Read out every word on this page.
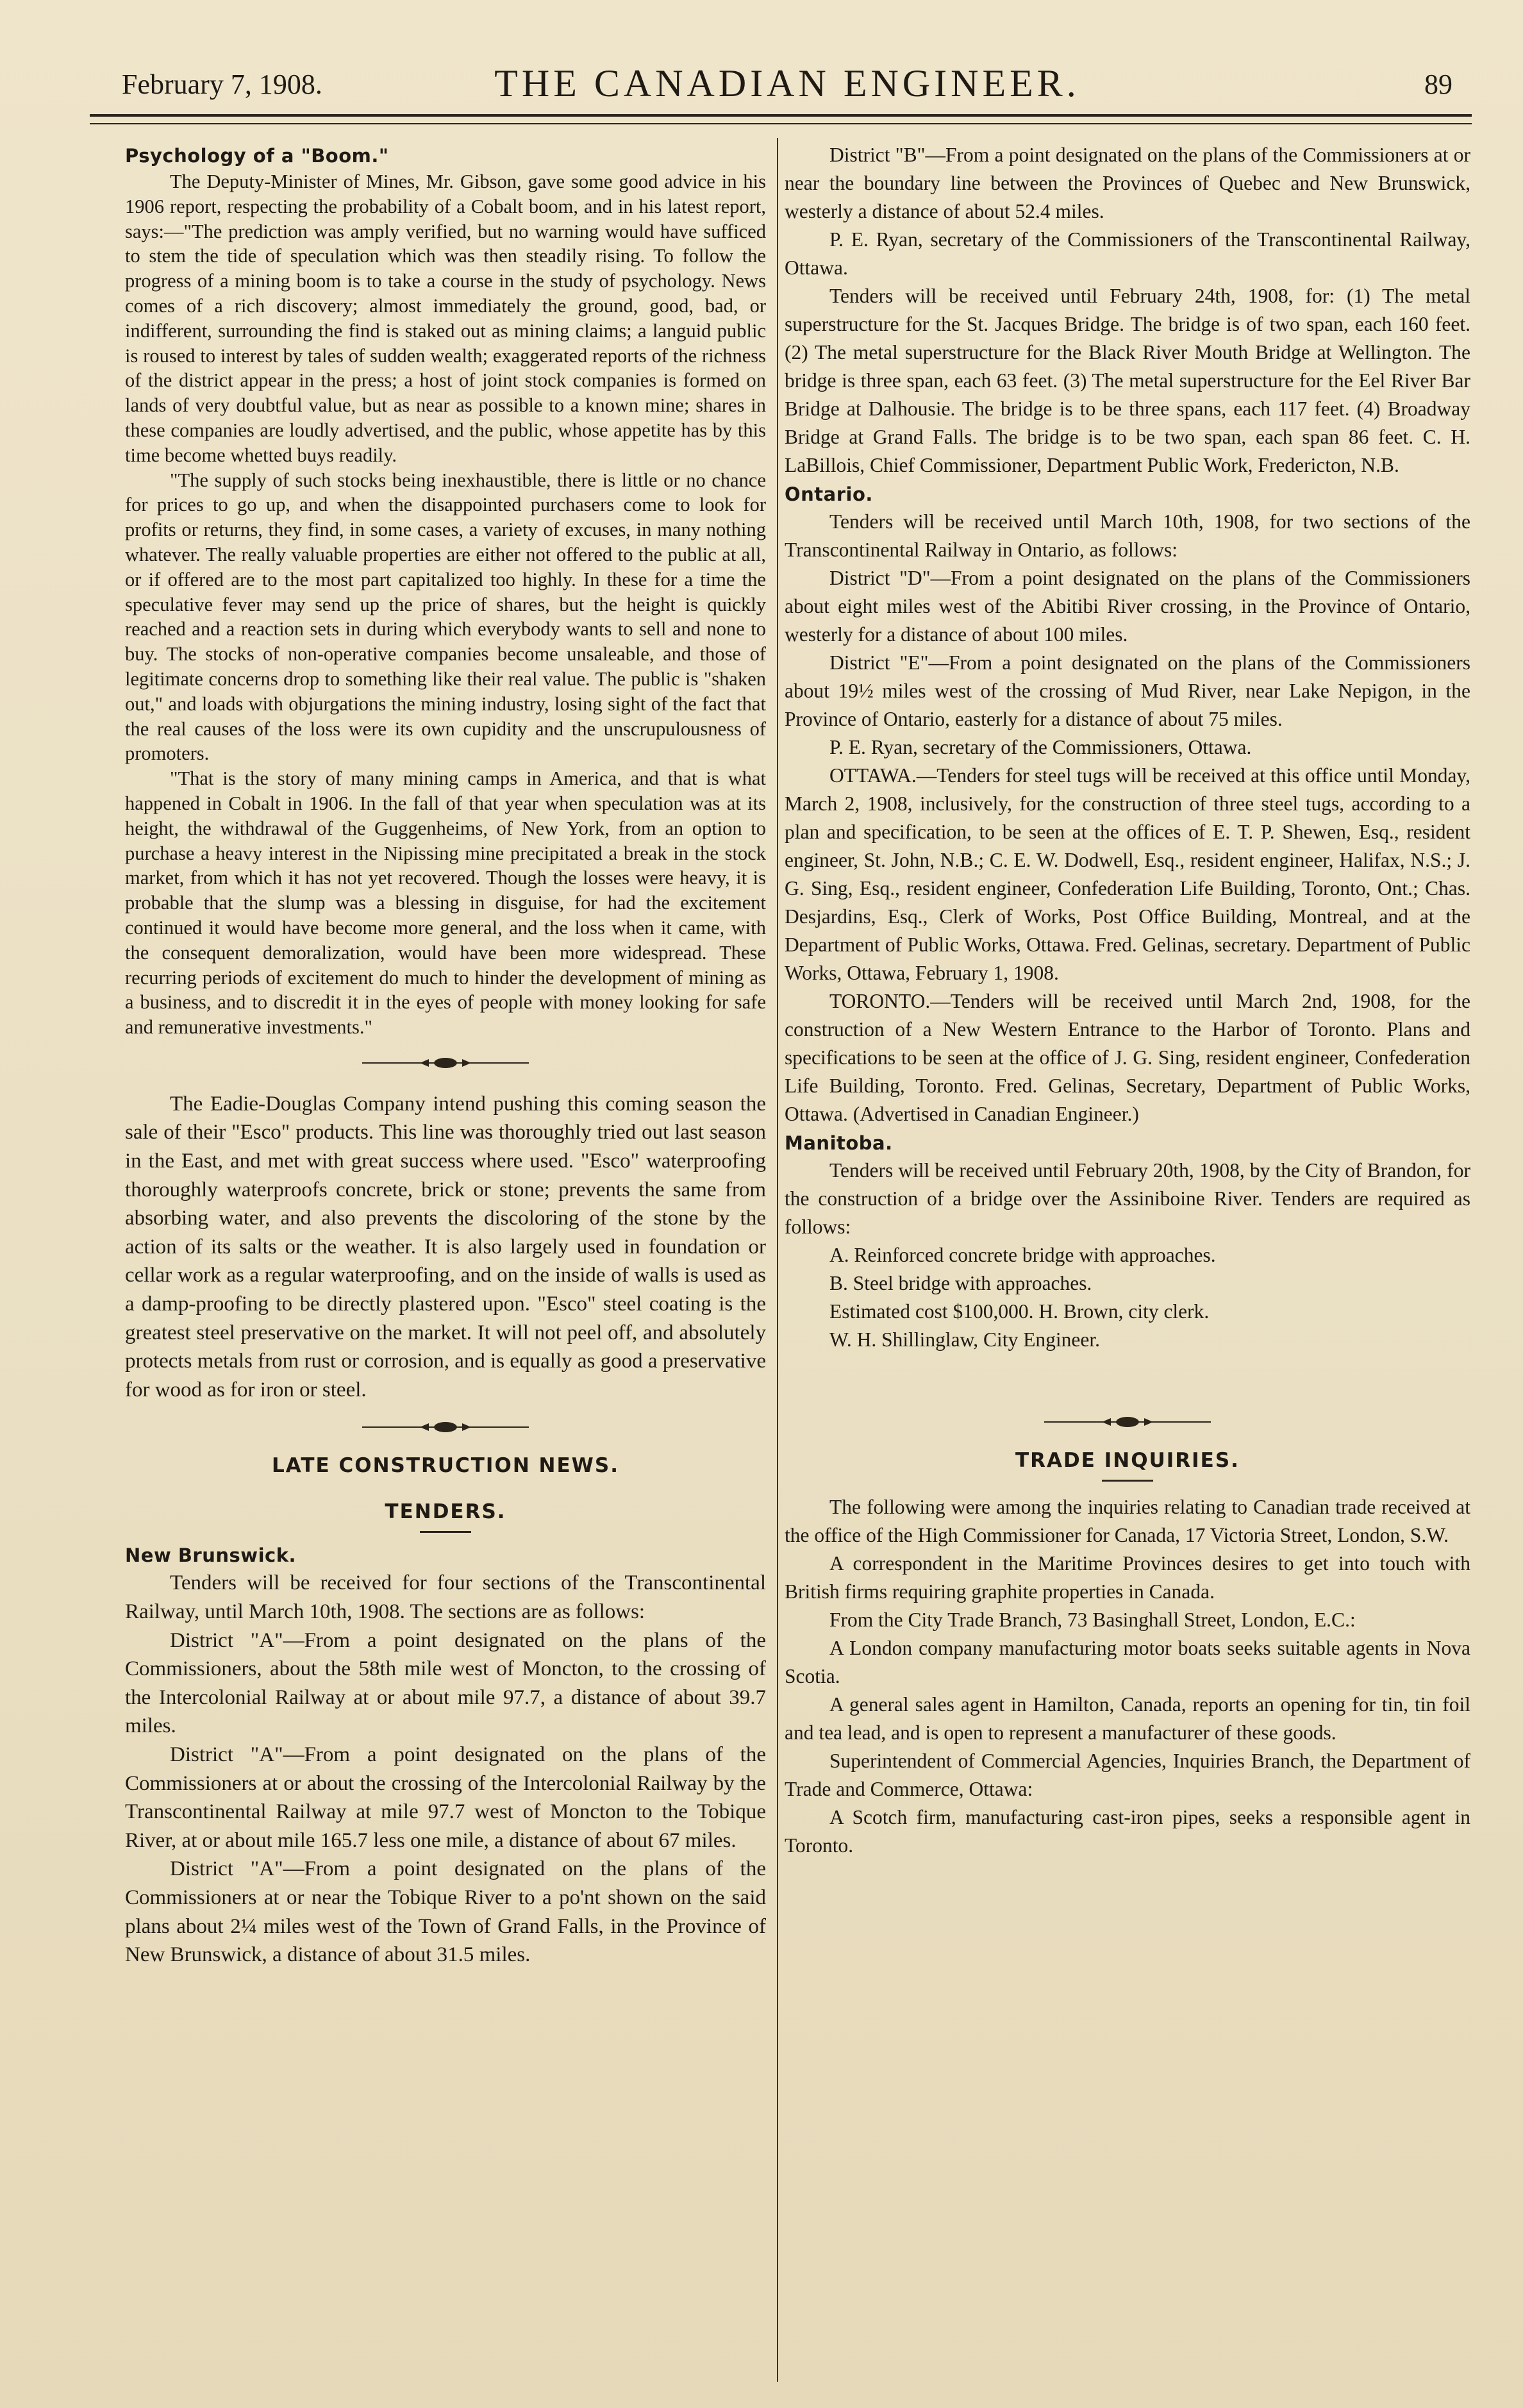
February 7, 1908.	THE CANADIAN ENGINEER.	89
Psychology of a "Boom."

The Deputy-Minister of Mines, Mr. Gibson, gave some good advice in his 1906 report, respecting the probability of a Cobalt boom, and in his latest report, says:—"The prediction was amply verified, but no warning would have sufficed to stem the tide of speculation which was then steadily rising. To follow the progress of a mining boom is to take a course in the study of psychology. News comes of a rich discovery; almost immediately the ground, good, bad, or indifferent, surrounding the find is staked out as mining claims; a languid public is roused to interest by tales of sudden wealth; exaggerated reports of the richness of the district appear in the press; a host of joint stock companies is formed on lands of very doubtful value, but as near as possible to a known mine; shares in these companies are loudly advertised, and the public, whose appetite has by this time become whetted buys readily.

"The supply of such stocks being inexhaustible, there is little or no chance for prices to go up, and when the disappointed purchasers come to look for profits or returns, they find, in some cases, a variety of excuses, in many nothing whatever. The really valuable properties are either not offered to the public at all, or if offered are to the most part capitalized too highly. In these for a time the speculative fever may send up the price of shares, but the height is quickly reached and a reaction sets in during which everybody wants to sell and none to buy. The stocks of non-operative companies become unsaleable, and those of legitimate concerns drop to something like their real value. The public is "shaken out," and loads with objurgations the mining industry, losing sight of the fact that the real causes of the loss were its own cupidity and the unscrupulousness of promoters.

"That is the story of many mining camps in America, and that is what happened in Cobalt in 1906. In the fall of that year when speculation was at its height, the withdrawal of the Guggenheims, of New York, from an option to purchase a heavy interest in the Nipissing mine precipitated a break in the stock market, from which it has not yet recovered. Though the losses were heavy, it is probable that the slump was a blessing in disguise, for had the excitement continued it would have become more general, and the loss when it came, with the consequent demoralization, would have been more widespread. These recurring periods of excitement do much to hinder the development of mining as a business, and to discredit it in the eyes of people with money looking for safe and remunerative investments."

The Eadie-Douglas Company intend pushing this coming season the sale of their "Esco" products. This line was thoroughly tried out last season in the East, and met with great success where used. "Esco" waterproofing thoroughly waterproofs concrete, brick or stone; prevents the same from absorbing water, and also prevents the discoloring of the stone by the action of its salts or the weather. It is also largely used in foundation or cellar work as a regular waterproofing, and on the inside of walls is used as a damp-proofing to be directly plastered upon. "Esco" steel coating is the greatest steel preservative on the market. It will not peel off, and absolutely protects metals from rust or corrosion, and is equally as good a preservative for wood as for iron or steel.

LATE CONSTRUCTION NEWS.
TENDERS.
New Brunswick.

Tenders will be received for four sections of the Transcontinental Railway, until March 10th, 1908. The sections are as follows:

District "A"—From a point designated on the plans of the Commissioners, about the 58th mile west of Moncton, to the crossing of the Intercolonial Railway at or about mile 97.7, a distance of about 39.7 miles.

District "A"—From a point designated on the plans of the Commissioners at or about the crossing of the Intercolonial Railway by the Transcontinental Railway at mile 97.7 west of Moncton to the Tobique River, at or about mile 165.7 less one mile, a distance of about 67 miles.

District "A"—From a point designated on the plans of the Commissioners at or near the Tobique River to a po'nt shown on the said plans about 2¼ miles west of the Town of Grand Falls, in the Province of New Brunswick, a distance of about 31.5 miles.

District "B"—From a point designated on the plans of the Commissioners at or near the boundary line between the Provinces of Quebec and New Brunswick, westerly a distance of about 52.4 miles.

P. E. Ryan, secretary of the Commissioners of the Transcontinental Railway, Ottawa.

Tenders will be received until February 24th, 1908, for: (1) The metal superstructure for the St. Jacques Bridge. The bridge is of two span, each 160 feet. (2) The metal superstructure for the Black River Mouth Bridge at Wellington. The bridge is three span, each 63 feet. (3) The metal superstructure for the Eel River Bar Bridge at Dalhousie. The bridge is to be three spans, each 117 feet. (4) Broadway Bridge at Grand Falls. The bridge is to be two span, each span 86 feet. C. H. LaBillois, Chief Commissioner, Department Public Work, Fredericton, N.B.

Ontario.

Tenders will be received until March 10th, 1908, for two sections of the Transcontinental Railway in Ontario, as follows:

District "D"—From a point designated on the plans of the Commissioners about eight miles west of the Abitibi River crossing, in the Province of Ontario, westerly for a distance of about 100 miles.

District "E"—From a point designated on the plans of the Commissioners about 19½ miles west of the crossing of Mud River, near Lake Nepigon, in the Province of Ontario, easterly for a distance of about 75 miles.

P. E. Ryan, secretary of the Commissioners, Ottawa.

OTTAWA.—Tenders for steel tugs will be received at this office until Monday, March 2, 1908, inclusively, for the construction of three steel tugs, according to a plan and specification, to be seen at the offices of E. T. P. Shewen, Esq., resident engineer, St. John, N.B.; C. E. W. Dodwell, Esq., resident engineer, Halifax, N.S.; J. G. Sing, Esq., resident engineer, Confederation Life Building, Toronto, Ont.; Chas. Desjardins, Esq., Clerk of Works, Post Office Building, Montreal, and at the Department of Public Works, Ottawa. Fred. Gelinas, secretary. Department of Public Works, Ottawa, February 1, 1908.

TORONTO.—Tenders will be received until March 2nd, 1908, for the construction of a New Western Entrance to the Harbor of Toronto. Plans and specifications to be seen at the office of J. G. Sing, resident engineer, Confederation Life Building, Toronto. Fred. Gelinas, Secretary, Department of Public Works, Ottawa. (Advertised in Canadian Engineer.)

Manitoba.

Tenders will be received until February 20th, 1908, by the City of Brandon, for the construction of a bridge over the Assiniboine River. Tenders are required as follows:

A. Reinforced concrete bridge with approaches.

B. Steel bridge with approaches.

Estimated cost $100,000. H. Brown, city clerk.

W. H. Shillinglaw, City Engineer.

TRADE INQUIRIES.

The following were among the inquiries relating to Canadian trade received at the office of the High Commissioner for Canada, 17 Victoria Street, London, S.W.

A correspondent in the Maritime Provinces desires to get into touch with British firms requiring graphite properties in Canada.

From the City Trade Branch, 73 Basinghall Street, London, E.C.:

A London company manufacturing motor boats seeks suitable agents in Nova Scotia.

A general sales agent in Hamilton, Canada, reports an opening for tin, tin foil and tea lead, and is open to represent a manufacturer of these goods.

Superintendent of Commercial Agencies, Inquiries Branch, the Department of Trade and Commerce, Ottawa:

A Scotch firm, manufacturing cast-iron pipes, seeks a responsible agent in Toronto.
